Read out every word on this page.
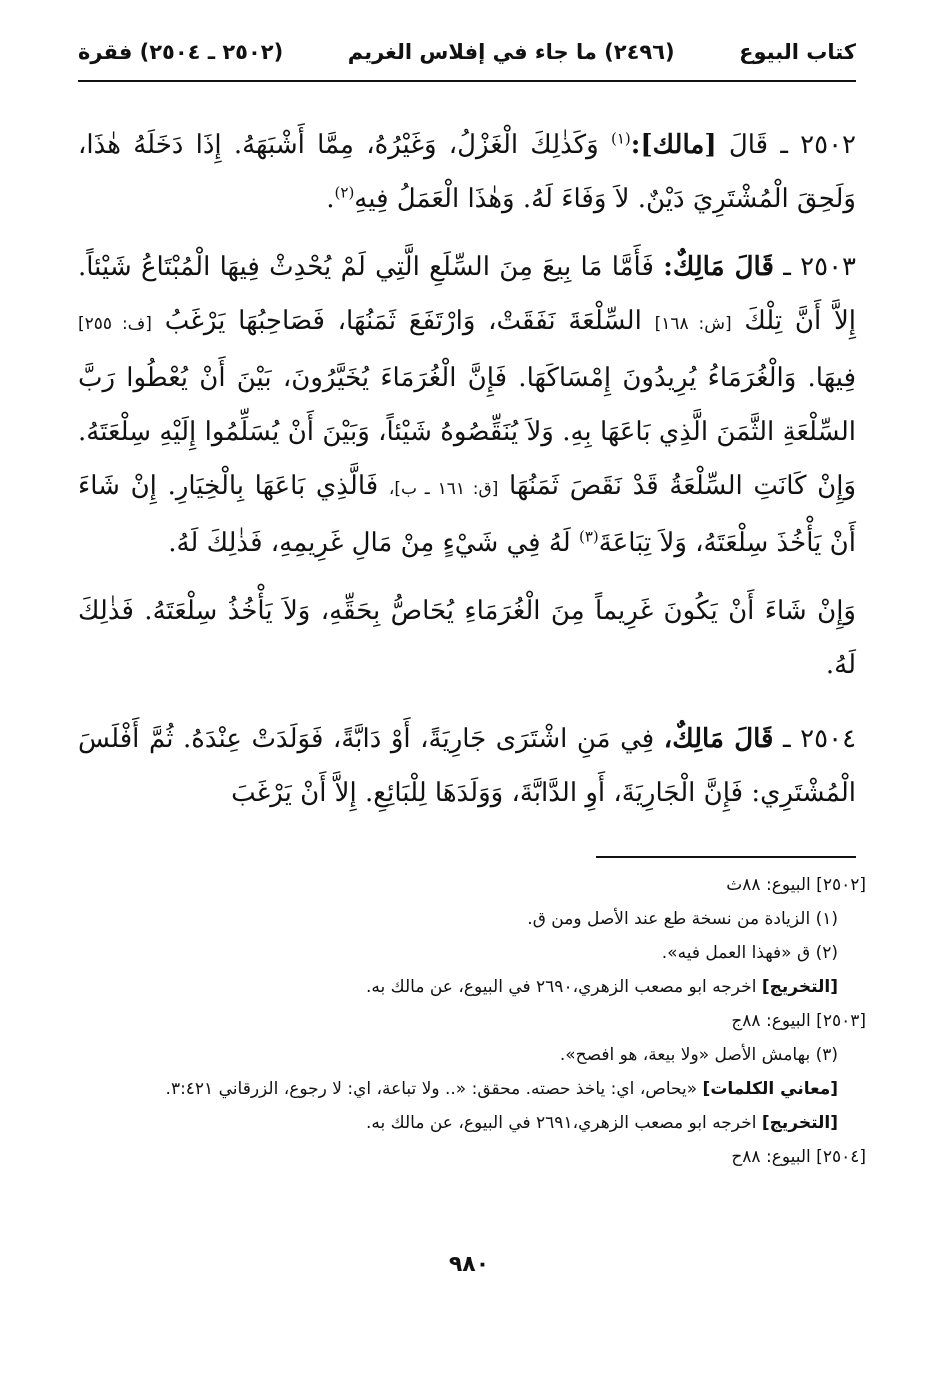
كتاب البيوع
(٢٤٩٦) ما جاء في إفلاس الغريم
(٢٥٠٢ ـ ٢٥٠٤) فقرة

٢٥٠٢ ـ قَالَ [مالك]:$^{(١)}$ وَكَذٰلِكَ الْغَزْلُ، وَغَيْرُهُ، مِمَّا أَشْبَهَهُ. إِذَا دَخَلَهُ هٰذَا، وَلَحِقَ الْمُشْتَرِيَ دَيْنٌ. لاَ وَفَاءَ لَهُ. وَهٰذَا الْعَمَلُ فِيهِ$^{(٢)}$.

٢٥٠٣ ـ قَالَ مَالِكٌ: فَأَمَّا مَا بِيعَ مِنَ السِّلَعِ الَّتِي لَمْ يُحْدِثْ فِيهَا الْمُبْتَاعُ شَيْئاً. إِلاَّ أَنَّ تِلْكَ [ش: ١٦٨] السِّلْعَةَ نَفَقَتْ، وَارْتَفَعَ ثَمَنُهَا، فَصَاحِبُهَا يَرْغَبُ [ف: ٢٥٥] فِيهَا. وَالْغُرَمَاءُ يُرِيدُونَ إِمْسَاكَهَا. فَإِنَّ الْغُرَمَاءَ يُخَيَّرُونَ، بَيْنَ أَنْ يُعْطُوا رَبَّ السِّلْعَةِ الثَّمَنَ الَّذِي بَاعَهَا بِهِ. وَلاَ يُنَقِّصُوهُ شَيْئاً، وَبَيْنَ أَنْ يُسَلِّمُوا إِلَيْهِ سِلْعَتَهُ. وَإِنْ كَانَتِ السِّلْعَةُ قَدْ نَقَصَ ثَمَنُهَا [ق: ١٦١ ـ ب]، فَالَّذِي بَاعَهَا بِالْخِيَارِ. إِنْ شَاءَ أَنْ يَأْخُذَ سِلْعَتَهُ، وَلاَ تِبَاعَةَ$^{(٣)}$ لَهُ فِي شَيْءٍ مِنْ مَالِ غَرِيمِهِ، فَذٰلِكَ لَهُ.

وَإِنْ شَاءَ أَنْ يَكُونَ غَرِيماً مِنَ الْغُرَمَاءِ يُحَاصُّ بِحَقِّهِ، وَلاَ يَأْخُذُ سِلْعَتَهُ. فَذٰلِكَ لَهُ.

٢٥٠٤ ـ قَالَ مَالِكٌ، فِي مَنِ اشْتَرَى جَارِيَةً، أَوْ دَابَّةً، فَوَلَدَتْ عِنْدَهُ. ثُمَّ أَفْلَسَ الْمُشْتَرِي: فَإِنَّ الْجَارِيَةَ، أَوِ الدَّابَّةَ، وَوَلَدَهَا لِلْبَائِعِ. إِلاَّ أَنْ يَرْغَبَ

[٢٥٠٢] البيوع: ٨٨ث
(١) الزيادة من نسخة طع عند الأصل ومن ق.
(٢) ق «فهذا العمل فيه».
[التخريج] اخرجه ابو مصعب الزهري،٢٦٩٠ في البيوع، عن مالك به.
[٢٥٠٣] البيوع: ٨٨ج
(٣) بهامش الأصل «ولا بيعة، هو افصح».
[معاني الكلمات] «يحاص، اي: ياخذ حصته. محقق: «.. ولا تباعة، اي: لا رجوع، الزرقاني ٣:٤٢١.
[التخريج] اخرجه ابو مصعب الزهري،٢٦٩١ في البيوع، عن مالك به.
[٢٥٠٤] البيوع: ٨٨ح
٩٨٠
